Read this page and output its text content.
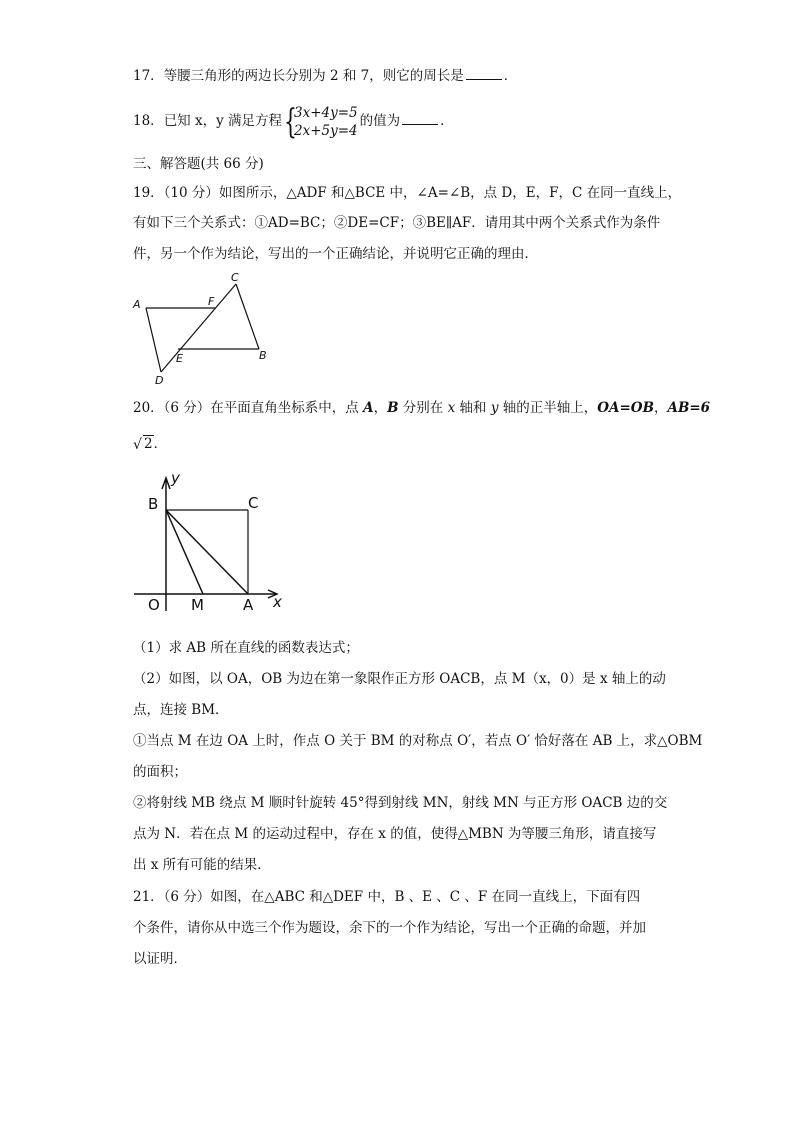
17．等腰三角形的两边长分别为 2 和 7，则它的周长是	．
18．已知 x，y 满足方程 {
3x+4y=5
2x+5y=4
的值为	．
三、解答题(共 66 分)
19．（10 分）如图所示，△ADF 和△BCE 中，∠A=∠B，点 D，E，F，C 在同一直线上，
有如下三个关系式：①AD=BC；②DE=CF；③BE∥AF．请用其中两个关系式作为条件
件，另一个作为结论，写出的一个正确结论，并说明它正确的理由．
A	F
C
E	B
D
20．（6 分）在平面直角坐标系中，点 A，B 分别在 x 轴和 y 轴的正半轴上，OA=OB，AB=6
√ 2．
y
B	C
O M	A x
（1）求 AB 所在直线的函数表达式；
（2）如图，以 OA，OB 为边在第一象限作正方形 OACB，点 M（x，0）是 x 轴上的动
点，连接 BM．
①当点 M 在边 OA 上时，作点 O 关于 BM 的对称点 O′，若点 O′ 恰好落在 AB 上，求△OBM
的面积；
②将射线 MB 绕点 M 顺时针旋转 45°得到射线 MN，射线 MN 与正方形 OACB 边的交
点为 N．若在点 M 的运动过程中，存在 x 的值，使得△MBN 为等腰三角形，请直接写
出 x 所有可能的结果．
21．（6 分）如图，在△ABC 和△DEF 中，B 、E 、C 、F 在同一直线上，下面有四
个条件，请你从中选三个作为题设，余下的一个作为结论，写出一个正确的命题，并加
以证明．
